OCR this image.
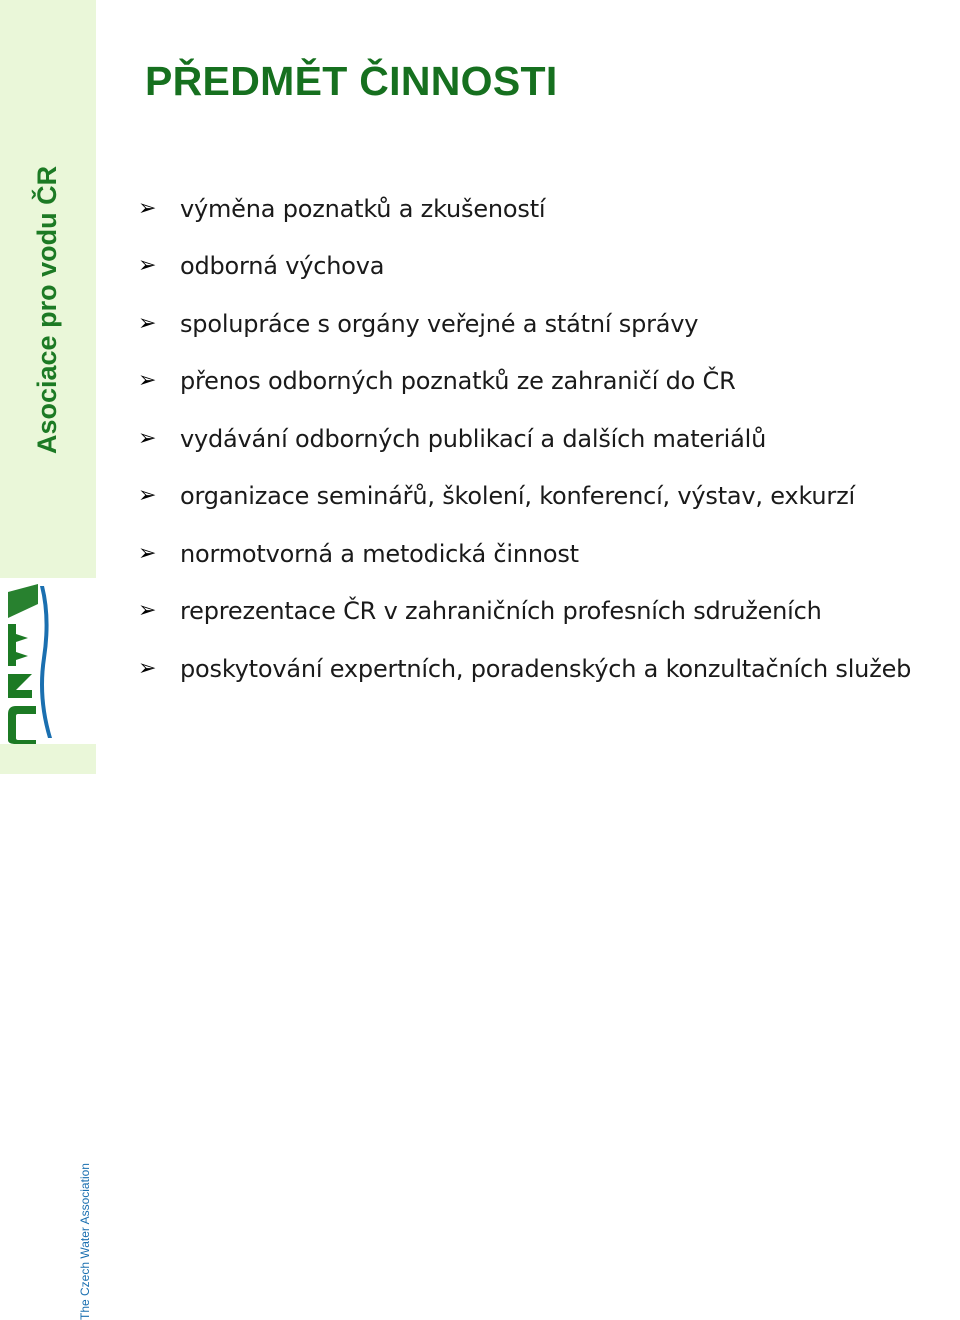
Asociace pro vodu ČR
The Czech Water Association
PŘEDMĚT ČINNOSTI
➢ výměna poznatků a zkušeností
➢ odborná výchova
➢ spolupráce s orgány veřejné a státní správy
➢ přenos odborných poznatků ze zahraničí do ČR
➢ vydávání odborných publikací a dalších materiálů
➢ organizace seminářů, školení, konferencí, výstav, exkurzí
➢ normotvorná a metodická činnost
➢ reprezentace ČR v zahraničních profesních sdruženích
➢ poskytování expertních, poradenských a konzultačních služeb
